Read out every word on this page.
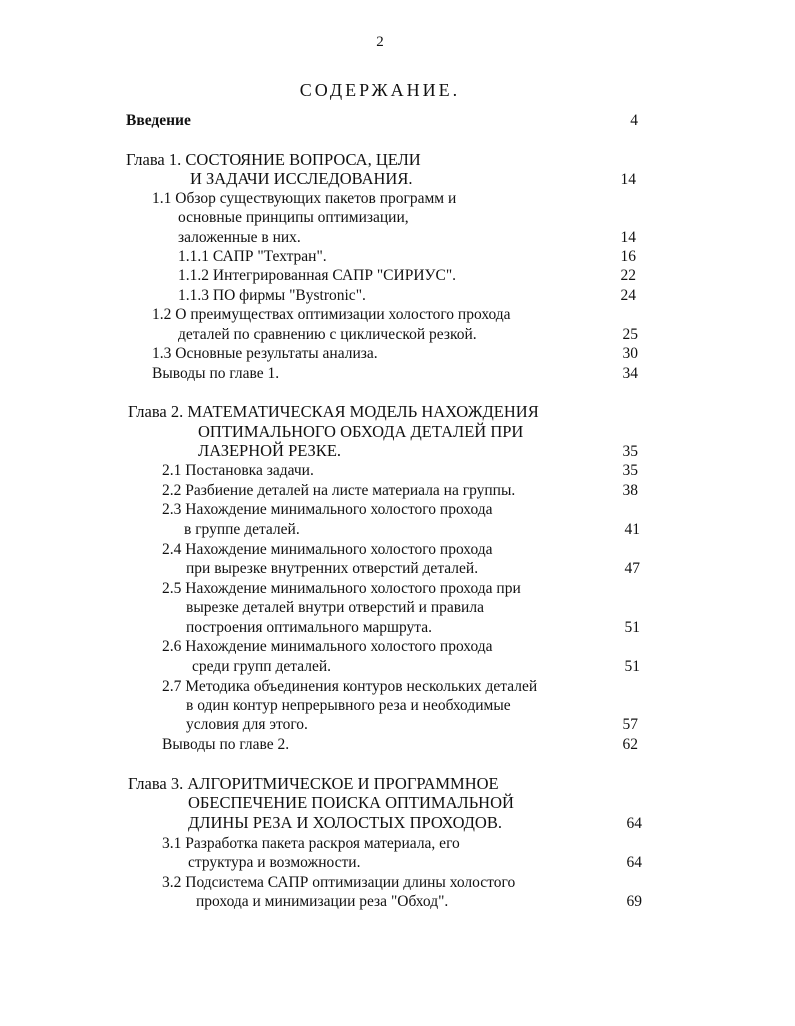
2
СОДЕРЖАНИЕ.
Введение	4
Глава 1. СОСТОЯНИЕ ВОПРОСА, ЦЕЛИ
И ЗАДАЧИ ИССЛЕДОВАНИЯ.	14
1.1 Обзор существующих пакетов программ и
основные принципы оптимизации,
заложенные в них.	14
1.1.1 САПР "Техтран".	16
1.1.2 Интегрированная САПР "СИРИУС".	22
1.1.3 ПО фирмы "Bystronic".	24
1.2 О преимуществах оптимизации холостого прохода
деталей по сравнению с циклической резкой.	25
1.3 Основные результаты анализа.	30
Выводы по главе 1.	34
Глава 2. МАТЕМАТИЧЕСКАЯ МОДЕЛЬ НАХОЖДЕНИЯ
ОПТИМАЛЬНОГО ОБХОДА ДЕТАЛЕЙ ПРИ
ЛАЗЕРНОЙ РЕЗКЕ.	35
2.1 Постановка задачи.	35
2.2 Разбиение деталей на листе материала на группы.	38
2.3 Нахождение минимального холостого прохода
в группе деталей.	41
2.4 Нахождение минимального холостого прохода
при вырезке внутренних отверстий деталей.	47
2.5 Нахождение минимального холостого прохода при
вырезке деталей внутри отверстий и правила
построения оптимального маршрута.	51
2.6 Нахождение минимального холостого прохода
среди групп деталей.	51
2.7 Методика объединения контуров нескольких деталей
в один контур непрерывного реза и необходимые
условия для этого.	57
Выводы по главе 2.	62
Глава 3. АЛГОРИТМИЧЕСКОЕ И ПРОГРАММНОЕ
ОБЕСПЕЧЕНИЕ ПОИСКА ОПТИМАЛЬНОЙ
ДЛИНЫ РЕЗА И ХОЛОСТЫХ ПРОХОДОВ.	64
3.1 Разработка пакета раскроя материала, его
структура и возможности.	64
3.2 Подсистема САПР оптимизации длины холостого
прохода и минимизации реза "Обход".	69
